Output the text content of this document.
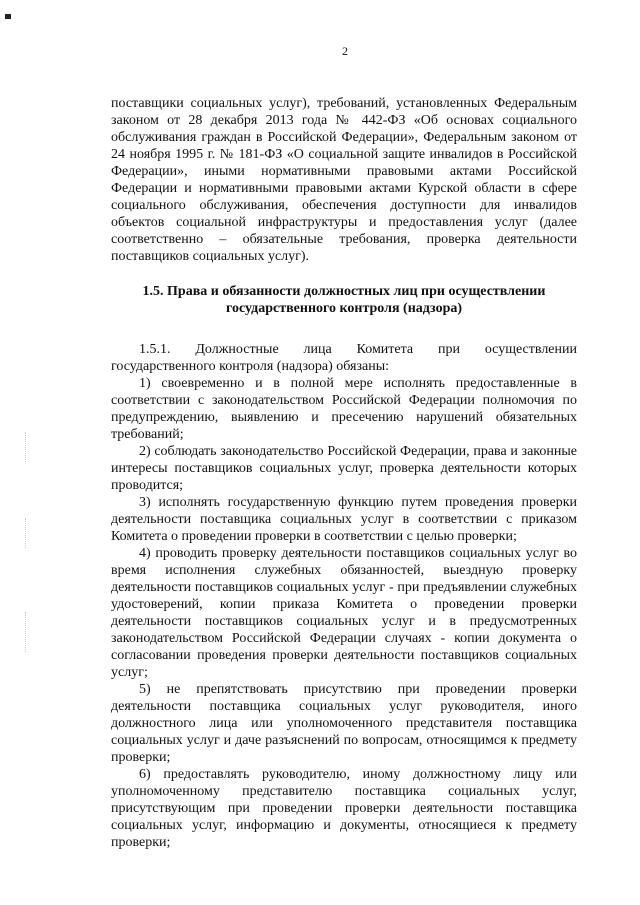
2

поставщики социальных услуг), требований, установленных Федеральным законом от 28 декабря 2013 года № 442-ФЗ «Об основах социального обслуживания граждан в Российской Федерации», Федеральным законом от 24 ноября 1995 г. № 181-ФЗ «О социальной защите инвалидов в Российской Федерации», иными нормативными правовыми актами Российской Федерации и нормативными правовыми актами Курской области в сфере социального обслуживания, обеспечения доступности для инвалидов объектов социальной инфраструктуры и предоставления услуг (далее соответственно – обязательные требования, проверка деятельности поставщиков социальных услуг).

1.5. Права и обязанности должностных лиц при осуществлении
государственного контроля (надзора)

1.5.1. Должностные лица Комитета при осуществлении государственного контроля (надзора) обязаны:

1) своевременно и в полной мере исполнять предоставленные в соответствии с законодательством Российской Федерации полномочия по предупреждению, выявлению и пресечению нарушений обязательных требований;

2) соблюдать законодательство Российской Федерации, права и законные интересы поставщиков социальных услуг, проверка деятельности которых проводится;

3) исполнять государственную функцию путем проведения проверки деятельности поставщика социальных услуг в соответствии с приказом Комитета о проведении проверки в соответствии с целью проверки;

4) проводить проверку деятельности поставщиков социальных услуг во время исполнения служебных обязанностей, выездную проверку деятельности поставщиков социальных услуг - при предъявлении служебных удостоверений, копии приказа Комитета о проведении проверки деятельности поставщиков социальных услуг и в предусмотренных законодательством Российской Федерации случаях - копии документа о согласовании проведения проверки деятельности поставщиков социальных услуг;

5) не препятствовать присутствию при проведении проверки деятельности поставщика социальных услуг руководителя, иного должностного лица или уполномоченного представителя поставщика социальных услуг и даче разъяснений по вопросам, относящимся к предмету проверки;

6) предоставлять руководителю, иному должностному лицу или уполномоченному представителю поставщика социальных услуг, присутствующим при проведении проверки деятельности поставщика социальных услуг, информацию и документы, относящиеся к предмету проверки;
